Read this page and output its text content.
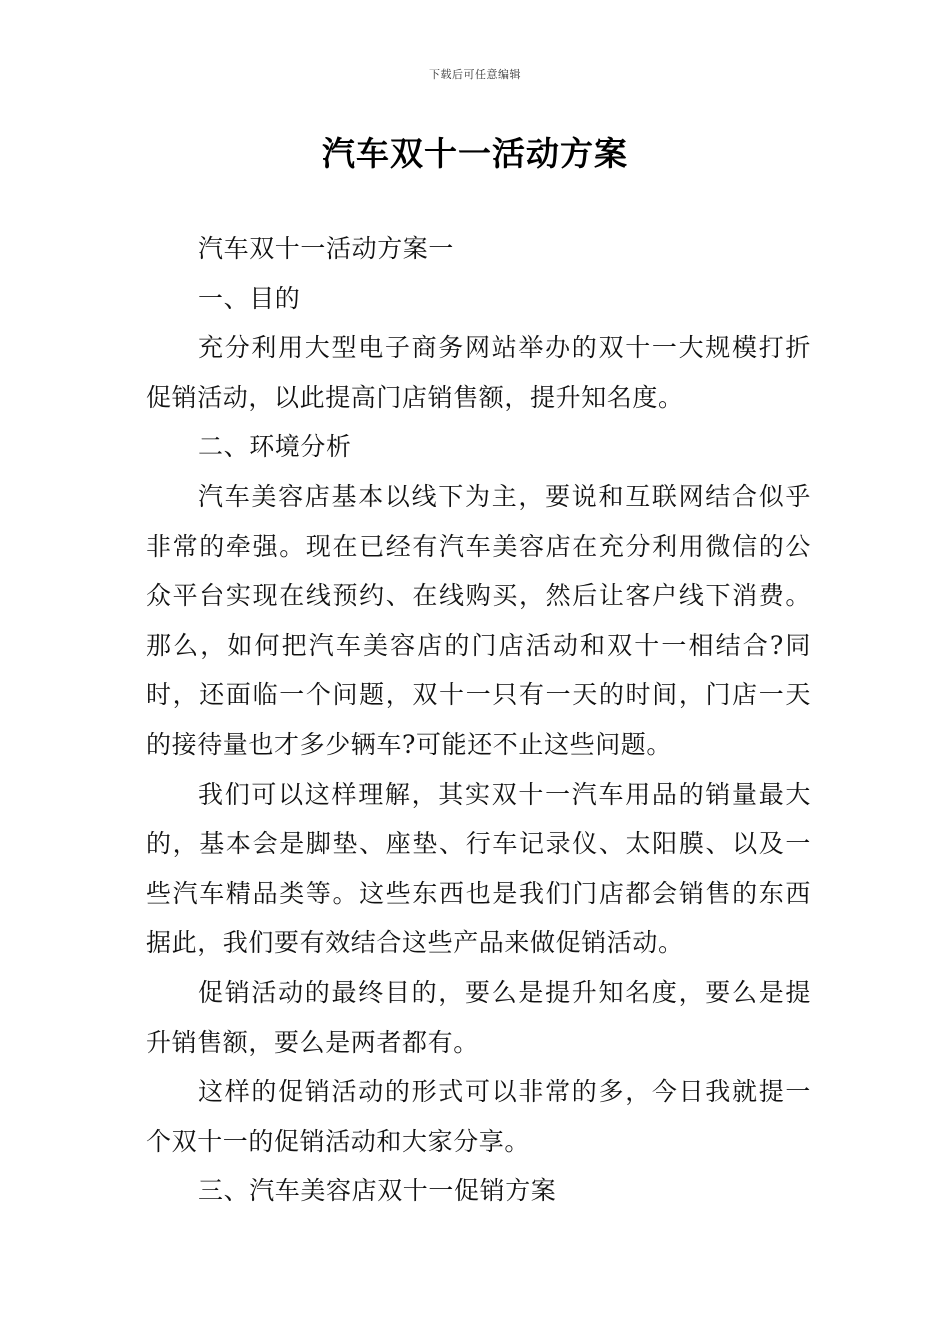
下载后可任意编辑
汽车双十一活动方案

汽车双十一活动方案一

一、目的

充分利用大型电子商务网站举办的双十一大规模打折促销活动，以此提高门店销售额，提升知名度。

二、环境分析

汽车美容店基本以线下为主，要说和互联网结合似乎非常的牵强。现在已经有汽车美容店在充分利用微信的公众平台实现在线预约、在线购买，然后让客户线下消费。那么，如何把汽车美容店的门店活动和双十一相结合?同时，还面临一个问题，双十一只有一天的时间，门店一天的接待量也才多少辆车?可能还不止这些问题。

我们可以这样理解，其实双十一汽车用品的销量最大的，基本会是脚垫、座垫、行车记录仪、太阳膜、以及一些汽车精品类等。这些东西也是我们门店都会销售的东西据此，我们要有效结合这些产品来做促销活动。

促销活动的最终目的，要么是提升知名度，要么是提升销售额，要么是两者都有。

这样的促销活动的形式可以非常的多，今日我就提一个双十一的促销活动和大家分享。

三、汽车美容店双十一促销方案
